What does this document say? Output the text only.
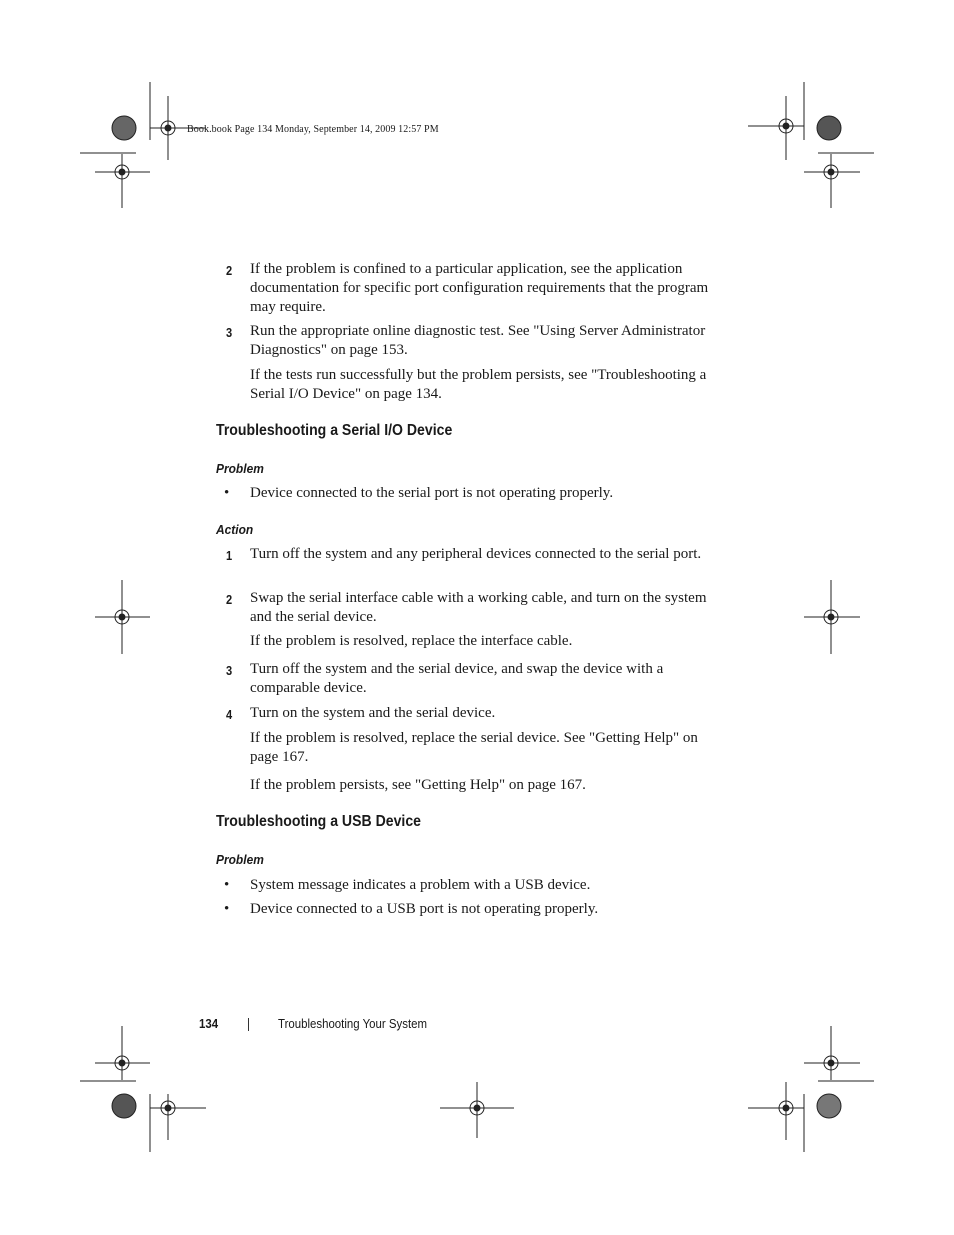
Book.book Page 134 Monday, September 14, 2009 12:57 PM
2	If the problem is confined to a particular application, see the application documentation for specific port configuration requirements that the program may require.
3	Run the appropriate online diagnostic test. See "Using Server Administrator Diagnostics" on page 153.
If the tests run successfully but the problem persists, see "Troubleshooting a Serial I/O Device" on page 134.
Troubleshooting a Serial I/O Device
Problem
• Device connected to the serial port is not operating properly.
Action
1	Turn off the system and any peripheral devices connected to the serial port.
2	Swap the serial interface cable with a working cable, and turn on the system and the serial device.
If the problem is resolved, replace the interface cable.
3	Turn off the system and the serial device, and swap the device with a comparable device.
4	Turn on the system and the serial device.
If the problem is resolved, replace the serial device. See "Getting Help" on page 167.
If the problem persists, see "Getting Help" on page 167.
Troubleshooting a USB Device
Problem
• System message indicates a problem with a USB device.
• Device connected to a USB port is not operating properly.
134	Troubleshooting Your System
